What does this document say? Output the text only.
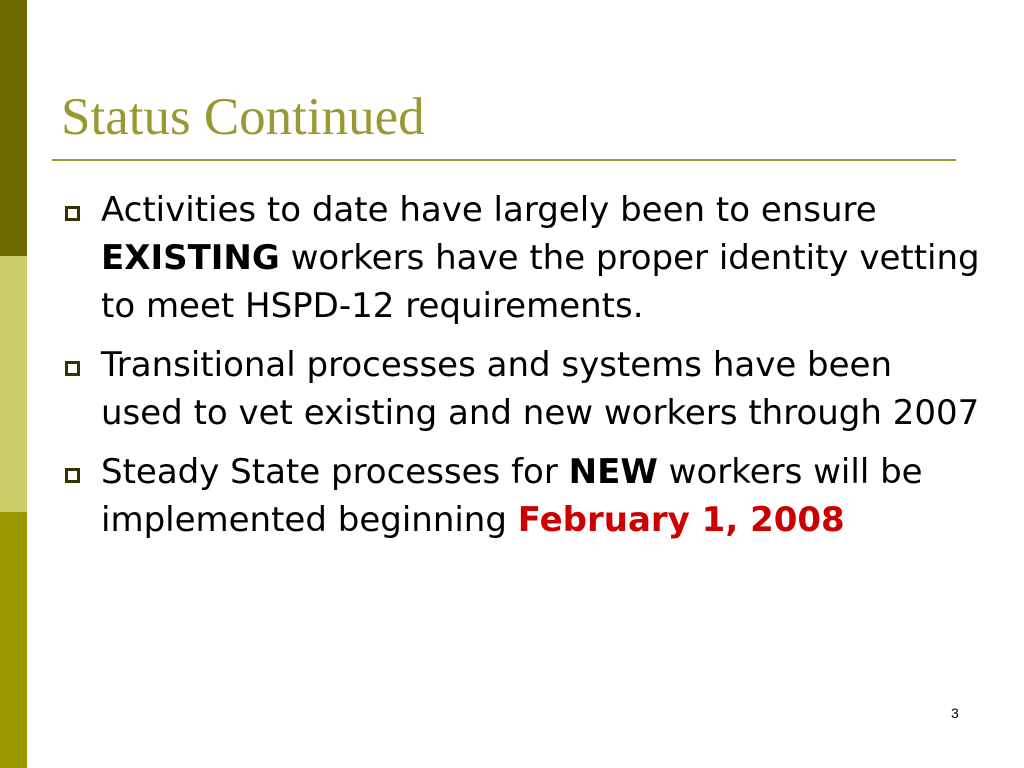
Status Continued
Activities to date have largely been to ensure EXISTING workers have the proper identity vetting to meet HSPD-12 requirements.
Transitional processes and systems have been used to vet existing and new workers through 2007
Steady State processes for NEW workers will be implemented beginning February 1, 2008
3
